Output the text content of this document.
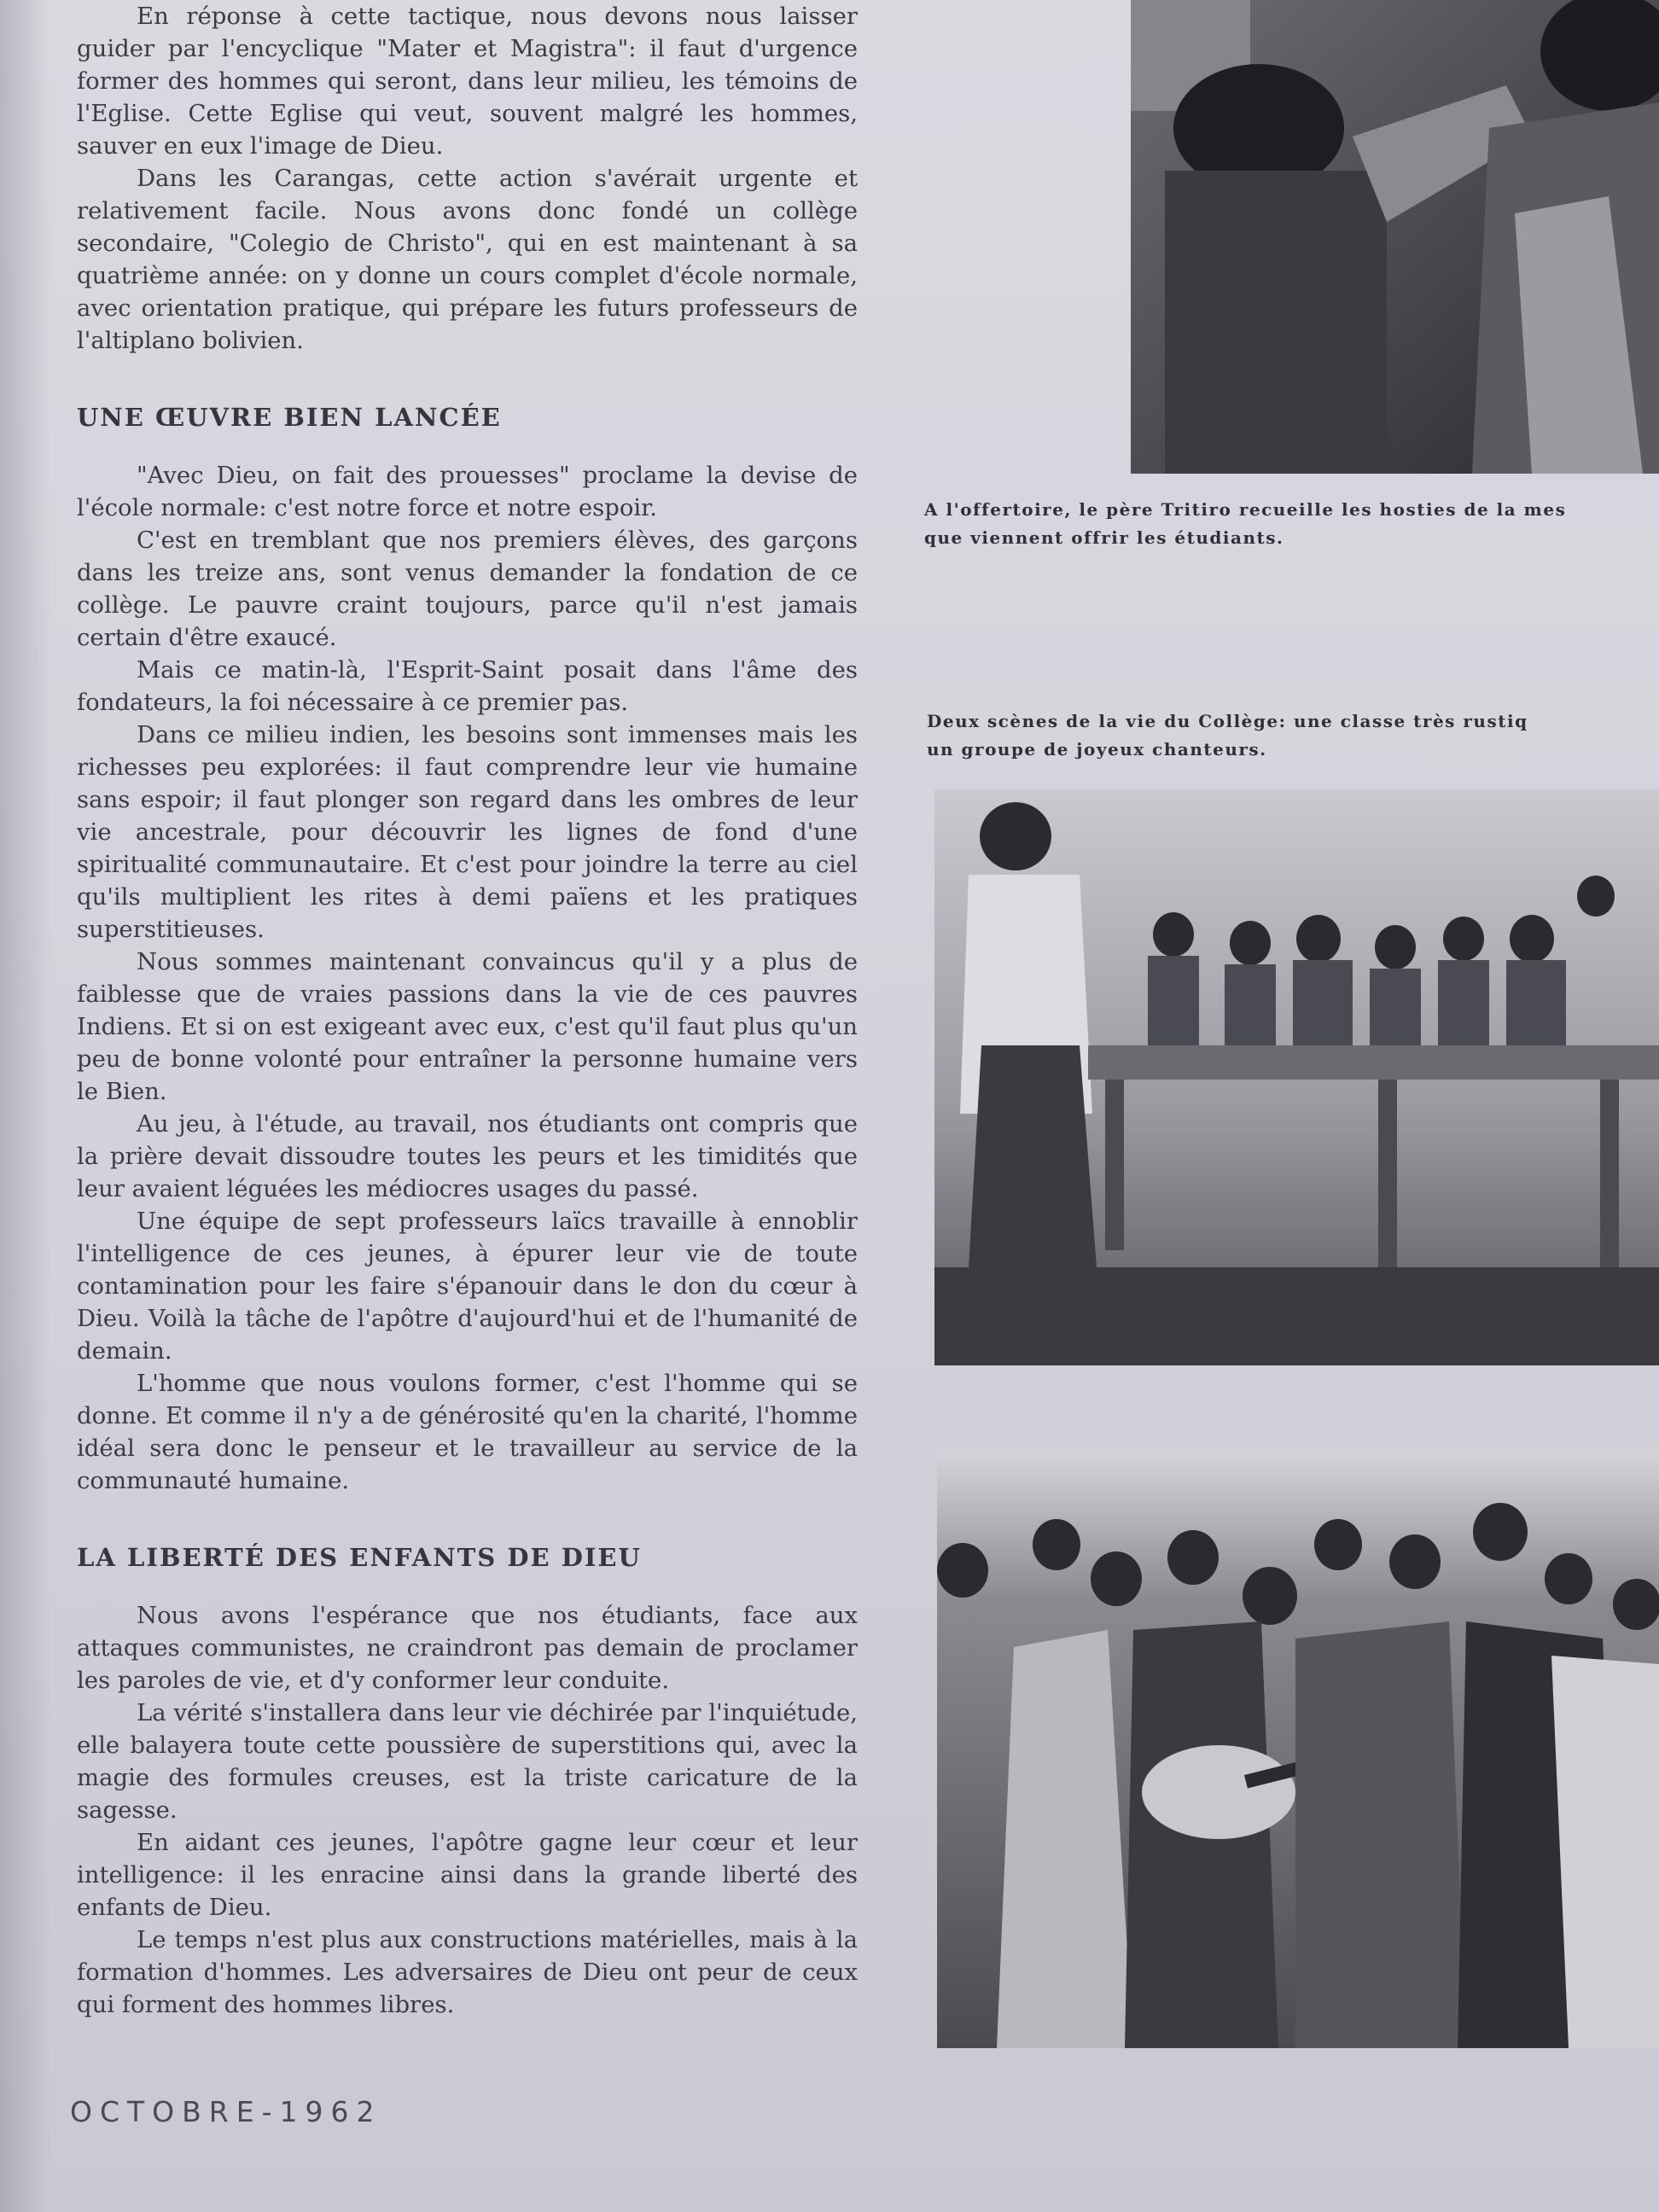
En réponse à cette tactique, nous devons nous laisser guider par l'encyclique "Mater et Magistra": il faut d'urgence former des hommes qui seront, dans leur milieu, les témoins de l'Eglise. Cette Eglise qui veut, souvent malgré les hommes, sauver en eux l'image de Dieu.

Dans les Carangas, cette action s'avérait urgente et relativement facile. Nous avons donc fondé un collège secondaire, "Colegio de Christo", qui en est maintenant à sa quatrième année: on y donne un cours complet d'école normale, avec orientation pratique, qui prépare les futurs professeurs de l'altiplano bolivien.

UNE ŒUVRE BIEN LANCÉE

"Avec Dieu, on fait des prouesses" proclame la devise de l'école normale: c'est notre force et notre espoir.

C'est en tremblant que nos premiers élèves, des garçons dans les treize ans, sont venus demander la fondation de ce collège. Le pauvre craint toujours, parce qu'il n'est jamais certain d'être exaucé.

Mais ce matin-là, l'Esprit-Saint posait dans l'âme des fondateurs, la foi nécessaire à ce premier pas.

Dans ce milieu indien, les besoins sont immenses mais les richesses peu explorées: il faut comprendre leur vie humaine sans espoir; il faut plonger son regard dans les ombres de leur vie ancestrale, pour découvrir les lignes de fond d'une spiritualité communautaire. Et c'est pour joindre la terre au ciel qu'ils multiplient les rites à demi païens et les pratiques superstitieuses.

Nous sommes maintenant convaincus qu'il y a plus de faiblesse que de vraies passions dans la vie de ces pauvres Indiens. Et si on est exigeant avec eux, c'est qu'il faut plus qu'un peu de bonne volonté pour entraîner la personne humaine vers le Bien.

Au jeu, à l'étude, au travail, nos étudiants ont compris que la prière devait dissoudre toutes les peurs et les timidités que leur avaient léguées les médiocres usages du passé.

Une équipe de sept professeurs laïcs travaille à ennoblir l'intelligence de ces jeunes, à épurer leur vie de toute contamination pour les faire s'épanouir dans le don du cœur à Dieu. Voilà la tâche de l'apôtre d'aujourd'hui et de l'humanité de demain.

L'homme que nous voulons former, c'est l'homme qui se donne. Et comme il n'y a de générosité qu'en la charité, l'homme idéal sera donc le penseur et le travailleur au service de la communauté humaine.

LA LIBERTÉ DES ENFANTS DE DIEU

Nous avons l'espérance que nos étudiants, face aux attaques communistes, ne craindront pas demain de proclamer les paroles de vie, et d'y conformer leur conduite.

La vérité s'installera dans leur vie déchirée par l'inquiétude, elle balayera toute cette poussière de superstitions qui, avec la magie des formules creuses, est la triste caricature de la sagesse.

En aidant ces jeunes, l'apôtre gagne leur cœur et leur intelligence: il les enracine ainsi dans la grande liberté des enfants de Dieu.

Le temps n'est plus aux constructions matérielles, mais à la formation d'hommes. Les adversaires de Dieu ont peur de ceux qui forment des hommes libres.

OCTOBRE-1962
A l'offertoire, le père Tritiro recueille les hosties de la mes
que viennent offrir les étudiants.
Deux scènes de la vie du Collège: une classe très rustiq
un groupe de joyeux chanteurs.
